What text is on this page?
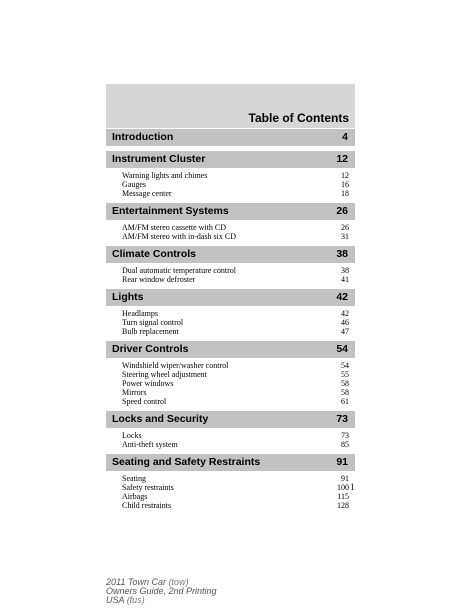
Table of Contents
Introduction	4
Instrument Cluster	12
Warning lights and chimes	12
Gauges	16
Message center	18
Entertainment Systems	26
AM/FM stereo cassette with CD	26
AM/FM stereo with in-dash six CD	31
Climate Controls	38
Dual automatic temperature control	38
Rear window defroster	41
Lights	42
Headlamps	42
Turn signal control	46
Bulb replacement	47
Driver Controls	54
Windshield wiper/washer control	54
Steering wheel adjustment	55
Power windows	58
Mirrors	58
Speed control	61
Locks and Security	73
Locks	73
Anti-theft system	85
Seating and Safety Restraints	91
Seating	91
Safety restraints	100
Airbags	115
Child restraints	128
1
2011 Town Car (tow)
Owners Guide, 2nd Printing
USA (fus)
